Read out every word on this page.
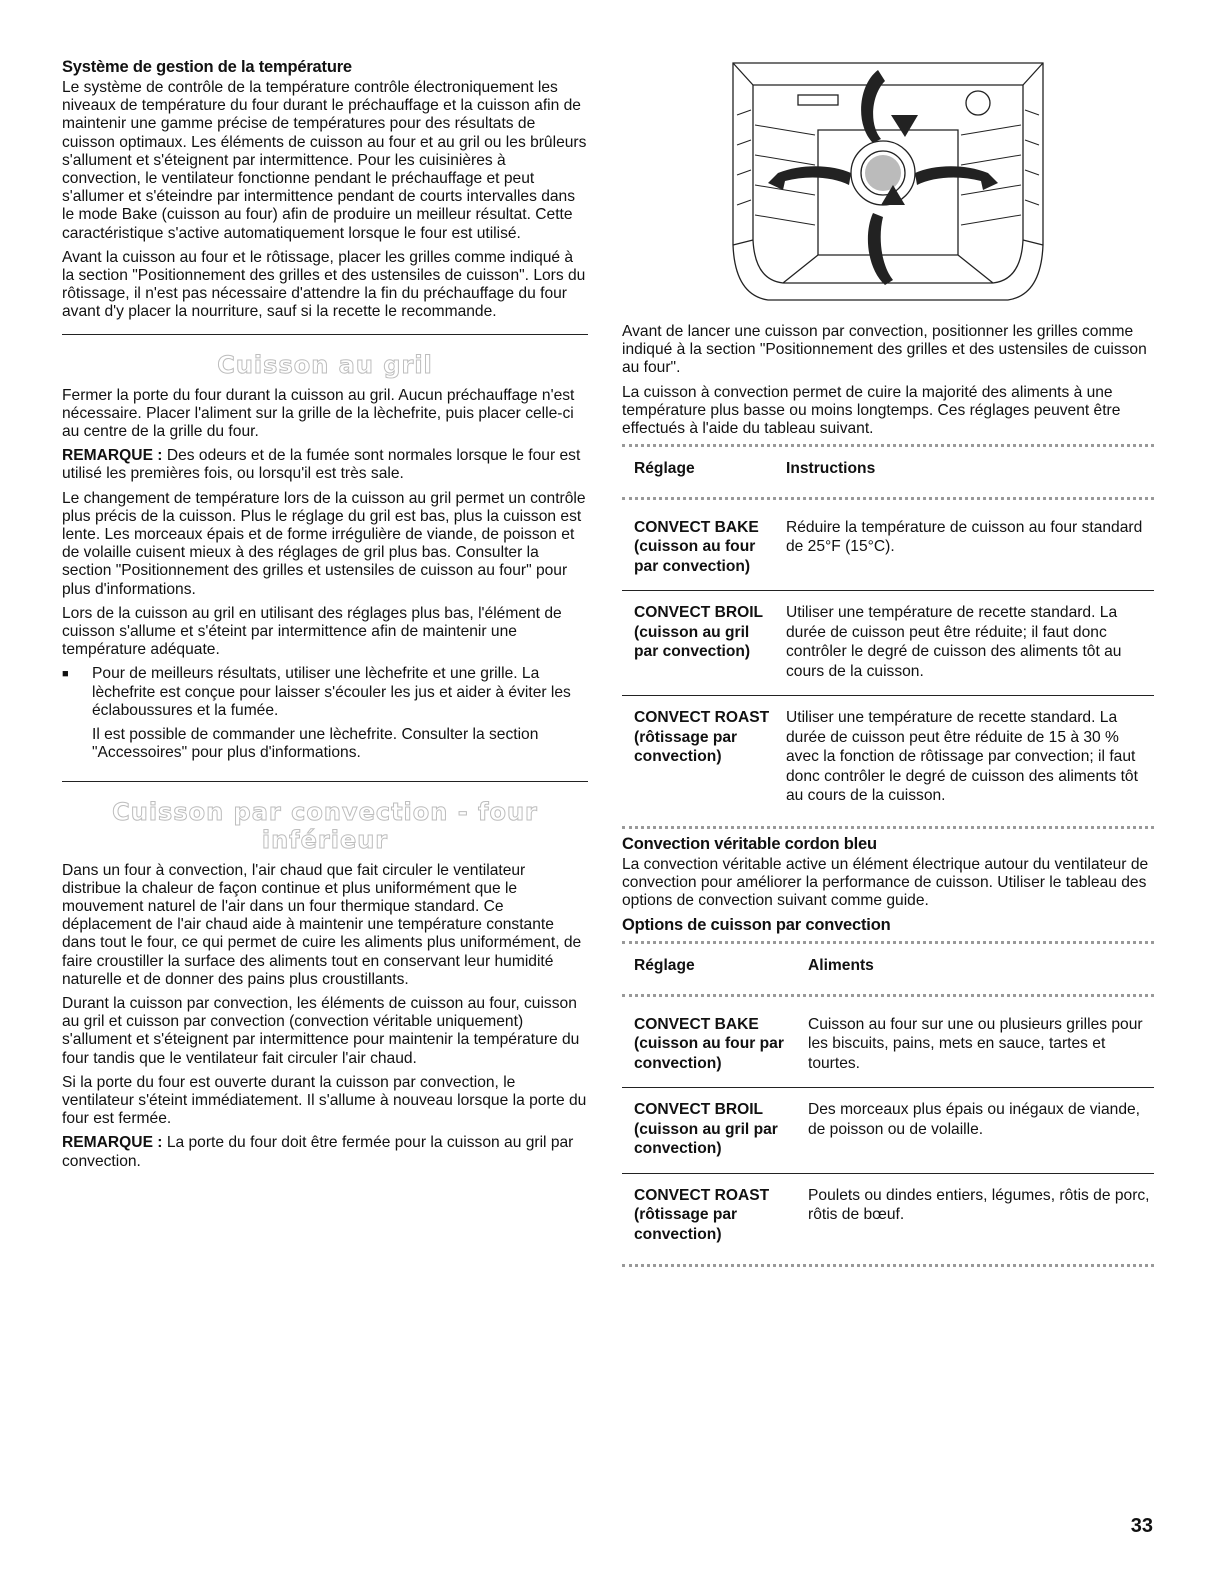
Système de gestion de la température

Le système de contrôle de la température contrôle électroniquement les niveaux de température du four durant le préchauffage et la cuisson afin de maintenir une gamme précise de températures pour des résultats de cuisson optimaux. Les éléments de cuisson au four et au gril ou les brûleurs s'allument et s'éteignent par intermittence. Pour les cuisinières à convection, le ventilateur fonctionne pendant le préchauffage et peut s'allumer et s'éteindre par intermittence pendant de courts intervalles dans le mode Bake (cuisson au four) afin de produire un meilleur résultat. Cette caractéristique s'active automatiquement lorsque le four est utilisé.

Avant la cuisson au four et le rôtissage, placer les grilles comme indiqué à la section "Positionnement des grilles et des ustensiles de cuisson". Lors du rôtissage, il n'est pas nécessaire d'attendre la fin du préchauffage du four avant d'y placer la nourriture, sauf si la recette le recommande.

Cuisson au gril

Fermer la porte du four durant la cuisson au gril. Aucun préchauffage n'est nécessaire. Placer l'aliment sur la grille de la lèchefrite, puis placer celle-ci au centre de la grille du four.

REMARQUE : Des odeurs et de la fumée sont normales lorsque le four est utilisé les premières fois, ou lorsqu'il est très sale.

Le changement de température lors de la cuisson au gril permet un contrôle plus précis de la cuisson. Plus le réglage du gril est bas, plus la cuisson est lente. Les morceaux épais et de forme irrégulière de viande, de poisson et de volaille cuisent mieux à des réglages de gril plus bas. Consulter la section "Positionnement des grilles et ustensiles de cuisson au four" pour plus d'informations.

Lors de la cuisson au gril en utilisant des réglages plus bas, l'élément de cuisson s'allume et s'éteint par intermittence afin de maintenir une température adéquate.

■	Pour de meilleurs résultats, utiliser une lèchefrite et une grille. La lèchefrite est conçue pour laisser s'écouler les jus et aider à éviter les éclaboussures et la fumée.

Il est possible de commander une lèchefrite. Consulter la section "Accessoires" pour plus d'informations.

Cuisson par convection - four inférieur

Dans un four à convection, l'air chaud que fait circuler le ventilateur distribue la chaleur de façon continue et plus uniformément que le mouvement naturel de l'air dans un four thermique standard. Ce déplacement de l'air chaud aide à maintenir une température constante dans tout le four, ce qui permet de cuire les aliments plus uniformément, de faire croustiller la surface des aliments tout en conservant leur humidité naturelle et de donner des pains plus croustillants.

Durant la cuisson par convection, les éléments de cuisson au four, cuisson au gril et cuisson par convection (convection véritable uniquement) s'allument et s'éteignent par intermittence pour maintenir la température du four tandis que le ventilateur fait circuler l'air chaud.

Si la porte du four est ouverte durant la cuisson par convection, le ventilateur s'éteint immédiatement. Il s'allume à nouveau lorsque la porte du four est fermée.

REMARQUE : La porte du four doit être fermée pour la cuisson au gril par convection.

Avant de lancer une cuisson par convection, positionner les grilles comme indiqué à la section "Positionnement des grilles et des ustensiles de cuisson au four".

La cuisson à convection permet de cuire la majorité des aliments à une température plus basse ou moins longtemps. Ces réglages peuvent être effectués à l'aide du tableau suivant.

Réglage	Instructions
CONVECT BAKE (cuisson au four par convection)	Réduire la température de cuisson au four standard de 25°F (15°C).
CONVECT BROIL (cuisson au gril par convection)	Utiliser une température de recette standard. La durée de cuisson peut être réduite; il faut donc contrôler le degré de cuisson des aliments tôt au cours de la cuisson.
CONVECT ROAST (rôtissage par convection)	Utiliser une température de recette standard. La durée de cuisson peut être réduite de 15 à 30 % avec la fonction de rôtissage par convection; il faut donc contrôler le degré de cuisson des aliments tôt au cours de la cuisson.
Convection véritable cordon bleu

La convection véritable active un élément électrique autour du ventilateur de convection pour améliorer la performance de cuisson. Utiliser le tableau des options de convection suivant comme guide.

Options de cuisson par convection
Réglage	Aliments
CONVECT BAKE (cuisson au four par convection)	Cuisson au four sur une ou plusieurs grilles pour les biscuits, pains, mets en sauce, tartes et tourtes.
CONVECT BROIL (cuisson au gril par convection)	Des morceaux plus épais ou inégaux de viande, de poisson ou de volaille.
CONVECT ROAST (rôtissage par convection)	Poulets ou dindes entiers, légumes, rôtis de porc, rôtis de bœuf.
33
